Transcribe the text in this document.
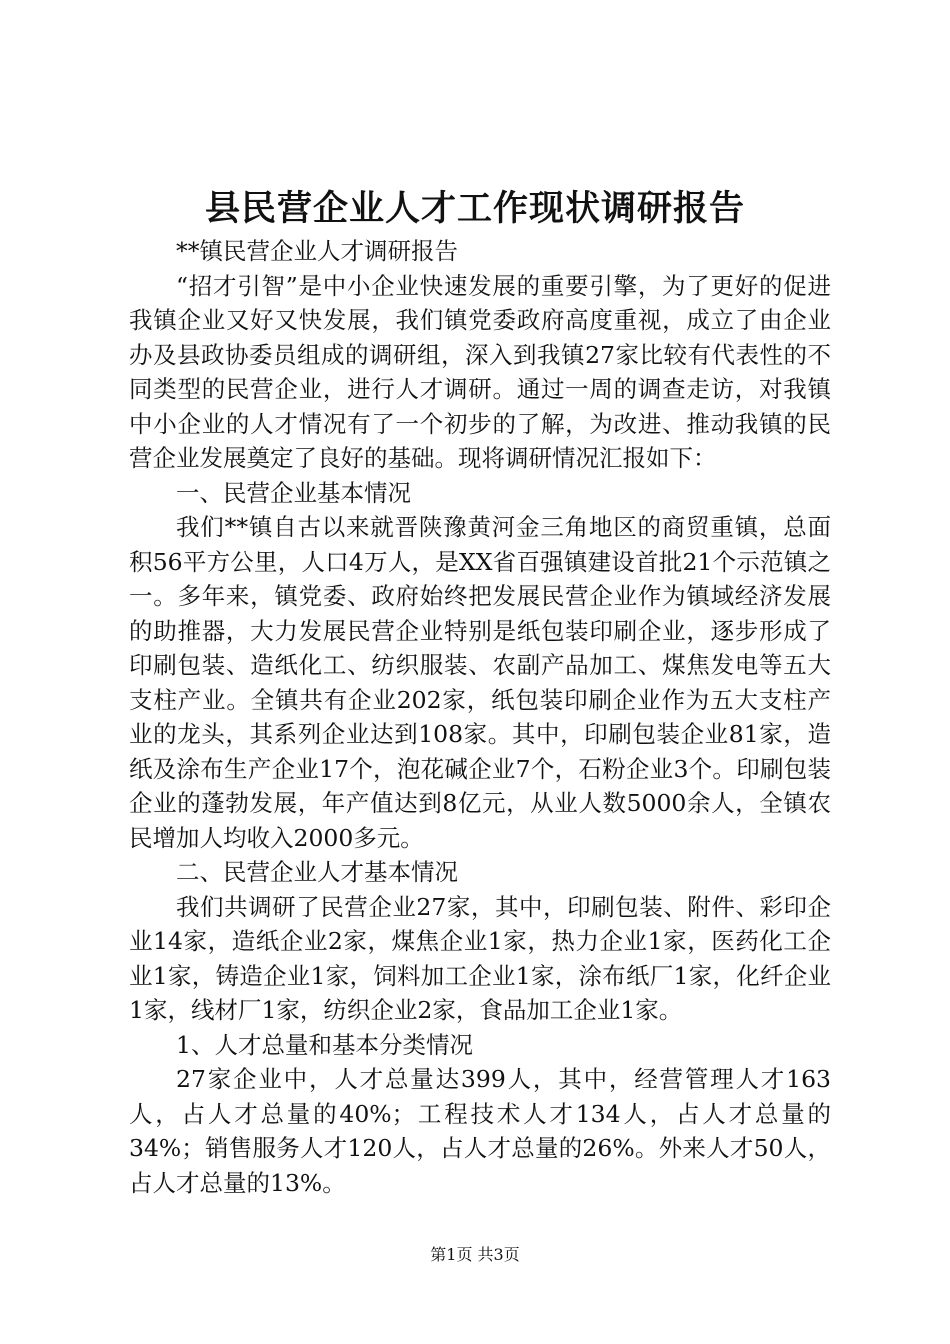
县民营企业人才工作现状调研报告

**镇民营企业人才调研报告

“招才引智”是中小企业快速发展的重要引擎，为了更好的促进我镇企业又好又快发展，我们镇党委政府高度重视，成立了由企业办及县政协委员组成的调研组，深入到我镇27家比较有代表性的不同类型的民营企业，进行人才调研。通过一周的调查走访，对我镇中小企业的人才情况有了一个初步的了解，为改进、推动我镇的民营企业发展奠定了良好的基础。现将调研情况汇报如下：

一、民营企业基本情况

我们**镇自古以来就晋陕豫黄河金三角地区的商贸重镇，总面积56平方公里，人口4万人，是XX省百强镇建设首批21个示范镇之一。多年来，镇党委、政府始终把发展民营企业作为镇域经济发展的助推器，大力发展民营企业特别是纸包装印刷企业，逐步形成了印刷包装、造纸化工、纺织服装、农副产品加工、煤焦发电等五大支柱产业。全镇共有企业202家，纸包装印刷企业作为五大支柱产业的龙头，其系列企业达到108家。其中，印刷包装企业81家，造纸及涂布生产企业17个，泡花碱企业7个，石粉企业3个。印刷包装企业的蓬勃发展，年产值达到8亿元，从业人数5000余人，全镇农民增加人均收入2000多元。

二、民营企业人才基本情况

我们共调研了民营企业27家，其中，印刷包装、附件、彩印企业14家，造纸企业2家，煤焦企业1家，热力企业1家，医药化工企业1家，铸造企业1家，饲料加工企业1家，涂布纸厂1家，化纤企业1家，线材厂1家，纺织企业2家，食品加工企业1家。

1、人才总量和基本分类情况

27家企业中，人才总量达399人，其中，经营管理人才163人，占人才总量的40%；工程技术人才134人，占人才总量的34%；销售服务人才120人，占人才总量的26%。外来人才50人，占人才总量的13%。

第1页 共3页
